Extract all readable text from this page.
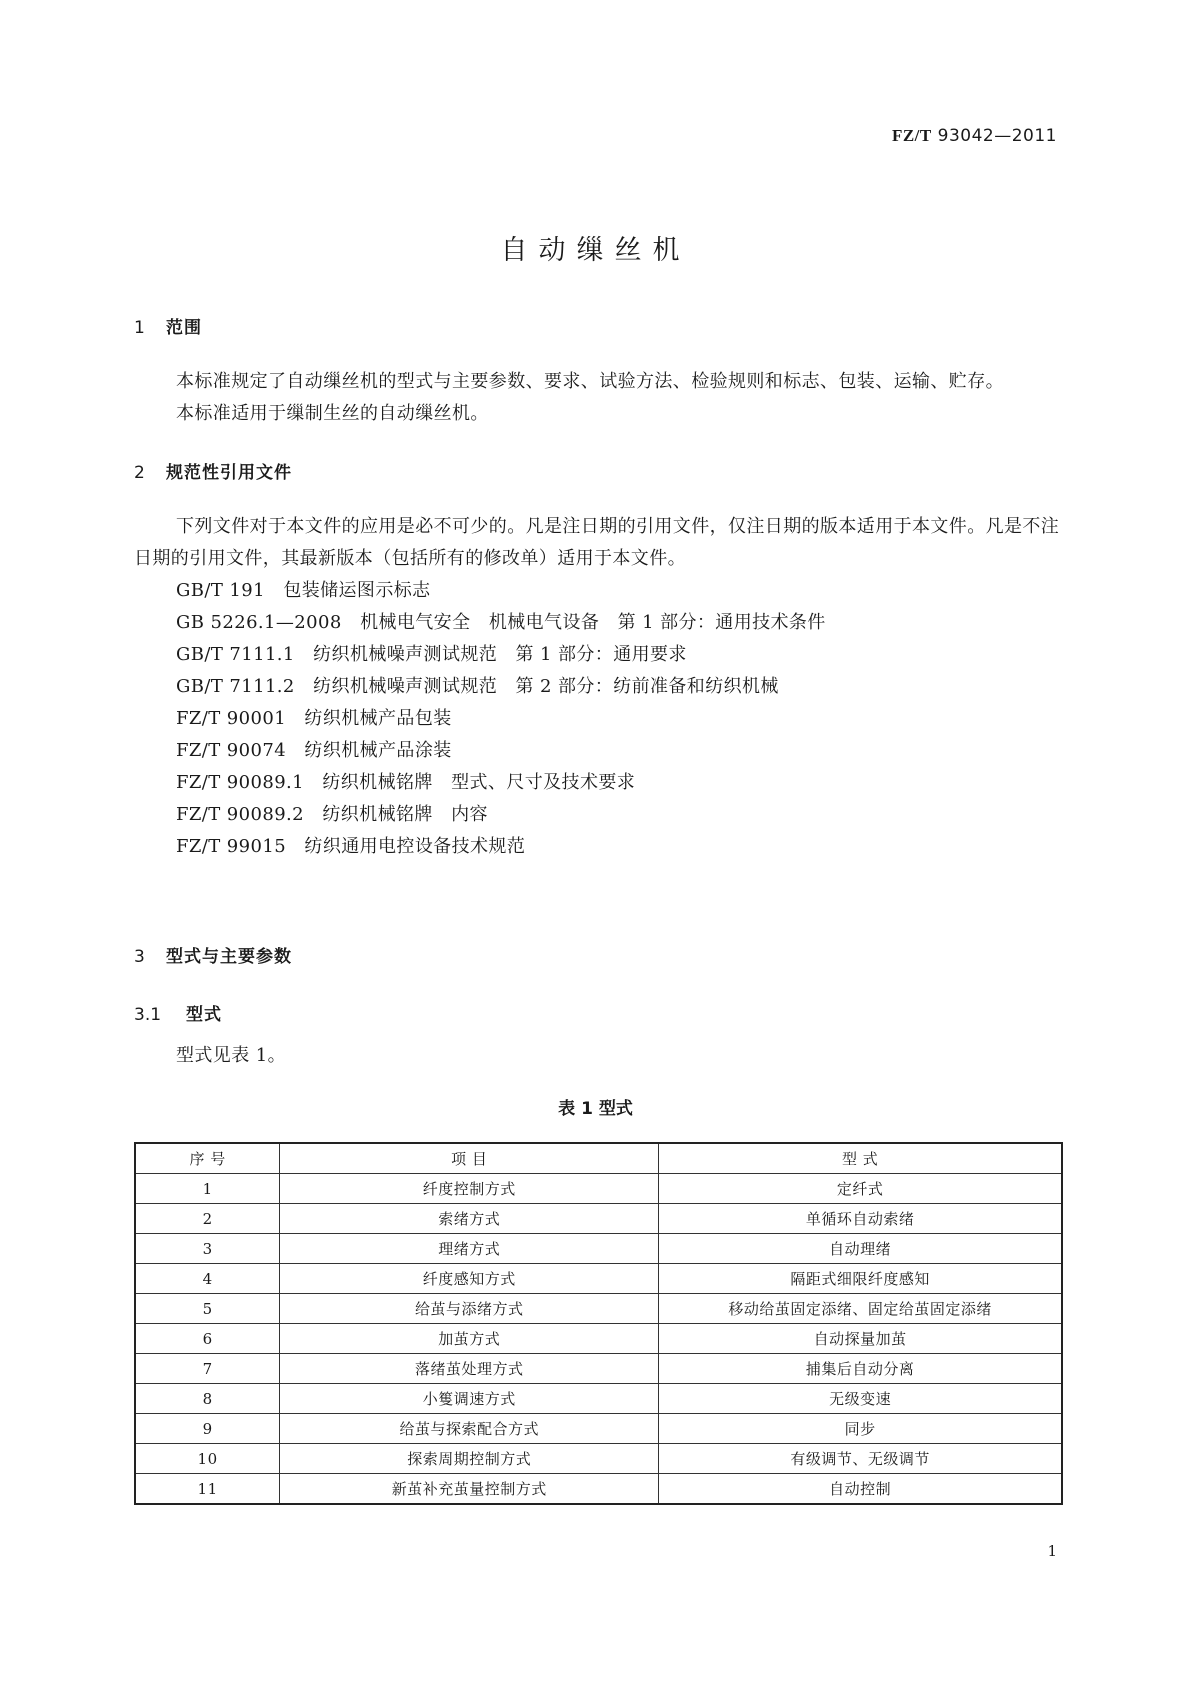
FZ/T 93042—2011
自动缫丝机
1 范围

本标准规定了自动缫丝机的型式与主要参数、要求、试验方法、检验规则和标志、包装、运输、贮存。

本标准适用于缫制生丝的自动缫丝机。

2 规范性引用文件

下列文件对于本文件的应用是必不可少的。凡是注日期的引用文件，仅注日期的版本适用于本文件。凡是不注日期的引用文件，其最新版本（包括所有的修改单）适用于本文件。

GB/T 191   包装储运图示标志
GB 5226.1—2008   机械电气安全   机械电气设备   第 1 部分：通用技术条件
GB/T 7111.1   纺织机械噪声测试规范   第 1 部分：通用要求
GB/T 7111.2   纺织机械噪声测试规范   第 2 部分：纺前准备和纺织机械
FZ/T 90001   纺织机械产品包装
FZ/T 90074   纺织机械产品涂装
FZ/T 90089.1   纺织机械铭牌   型式、尺寸及技术要求
FZ/T 90089.2   纺织机械铭牌   内容
FZ/T 99015   纺织通用电控设备技术规范
3 型式与主要参数
3.1 型式

型式见表 1。

表 1 型式
序 号	项 目	型 式
1	纤度控制方式	定纤式
2	索绪方式	单循环自动索绪
3	理绪方式	自动理绪
4	纤度感知方式	隔距式细限纤度感知
5	给茧与添绪方式	移动给茧固定添绪、固定给茧固定添绪
6	加茧方式	自动探量加茧
7	落绪茧处理方式	捕集后自动分离
8	小篗调速方式	无级变速
9	给茧与探索配合方式	同步
10	探索周期控制方式	有级调节、无级调节
11	新茧补充茧量控制方式	自动控制
1
